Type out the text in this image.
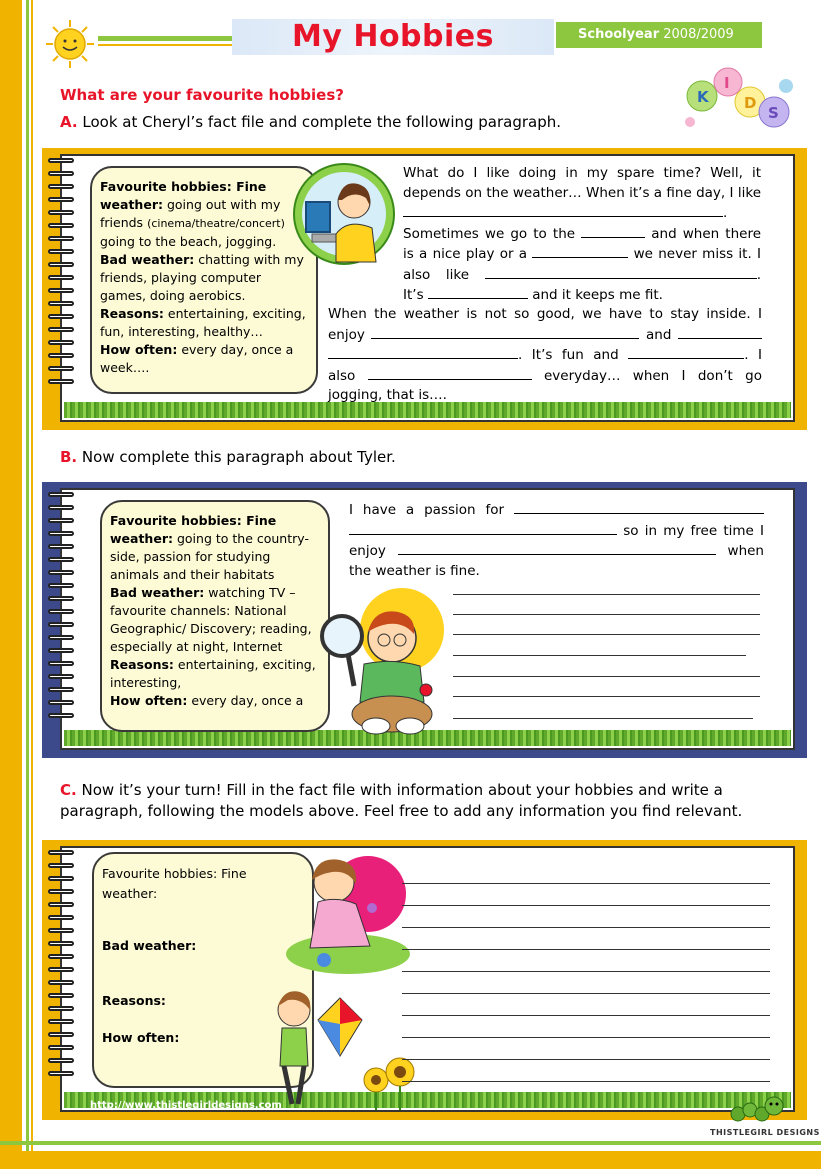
My Hobbies	Schoolyear 2008/2009
K
I
D
S
What are your favourite hobbies?
A. Look at Cheryl’s fact file and complete the following paragraph.
Favourite hobbies: Fine weather: going out with my friends (cinema/theatre/concert) going to the beach, jogging.
Bad weather: chatting with my friends, playing computer games, doing aerobics.
Reasons: entertaining, exciting, fun, interesting, healthy…
How often: every day, once a week….
What do I like doing in my spare time? Well, it depends on the weather… When it’s a fine day, I like . Sometimes we go to the	and when there is a nice play or a	we never miss it. I also like	. It’s	and it keeps me fit.
When the weather is not so good, we have to stay inside. I enjoy	and  . It’s fun and	. I also	everyday… when I don’t go jogging, that is….
B. Now complete this paragraph about Tyler.
Favourite hobbies: Fine weather: going to the country-side, passion for studying animals and their habitats
Bad weather: watching TV – favourite channels: National Geographic/ Discovery; reading, especially at night, Internet
Reasons: entertaining, exciting, interesting,
How often: every day, once a
I have a passion for   so in my free time I enjoy	when the weather is fine.
C. Now it’s your turn! Fill in the fact file with information about your hobbies and write a paragraph, following the models above. Feel free to add any information you find relevant.
Favourite hobbies: Fine weather:
Bad weather:
Reasons:
How often:
http://www.thistlegirldesigns.com
THISTLEGIRL DESIGNS
